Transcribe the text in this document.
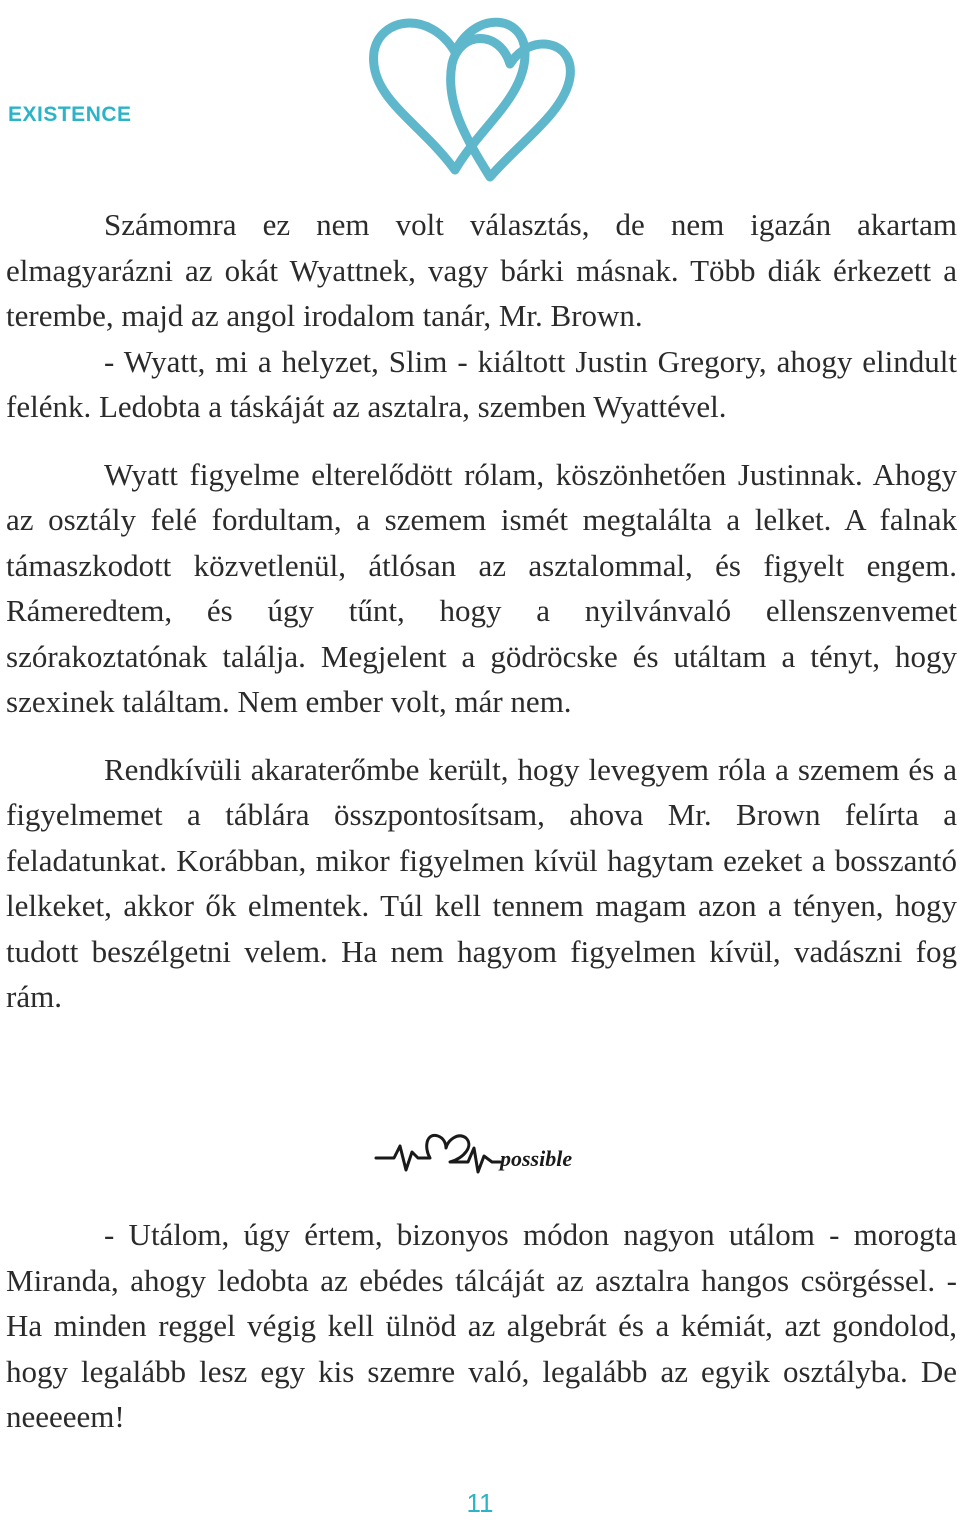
EXISTENCE

Számomra ez nem volt választás, de nem igazán akartam elmagyarázni az okát Wyattnek, vagy bárki másnak. Több diák érkezett a terembe, majd az angol irodalom tanár, Mr. Brown.

- Wyatt, mi a helyzet, Slim - kiáltott Justin Gregory, ahogy elindult felénk. Ledobta a táskáját az asztalra, szemben Wyattével.

Wyatt figyelme elterelődött rólam, köszönhetően Justinnak. Ahogy az osztály felé fordultam, a szemem ismét megtalálta a lelket. A falnak támaszkodott közvetlenül, átlósan az asztalommal, és figyelt engem. Rámeredtem, és úgy tűnt, hogy a nyilvánvaló ellenszenvemet szórakoztatónak találja. Megjelent a gödröcske és utáltam a tényt, hogy szexinek találtam. Nem ember volt, már nem.

Rendkívüli akaraterőmbe került, hogy levegyem róla a szemem és a figyelmemet a táblára összpontosítsam, ahova Mr. Brown felírta a feladatunkat. Korábban, mikor figyelmen kívül hagytam ezeket a bosszantó lelkeket, akkor ők elmentek. Túl kell tennem magam azon a tényen, hogy tudott beszélgetni velem. Ha nem hagyom figyelmen kívül, vadászni fog rám.

possible

- Utálom, úgy értem, bizonyos módon nagyon utálom - morogta Miranda, ahogy ledobta az ebédes tálcáját az asztalra hangos csörgéssel. - Ha minden reggel végig kell ülnöd az algebrát és a kémiát, azt gondolod, hogy legalább lesz egy kis szemre való, legalább az egyik osztályba. De neeeeem!

11
